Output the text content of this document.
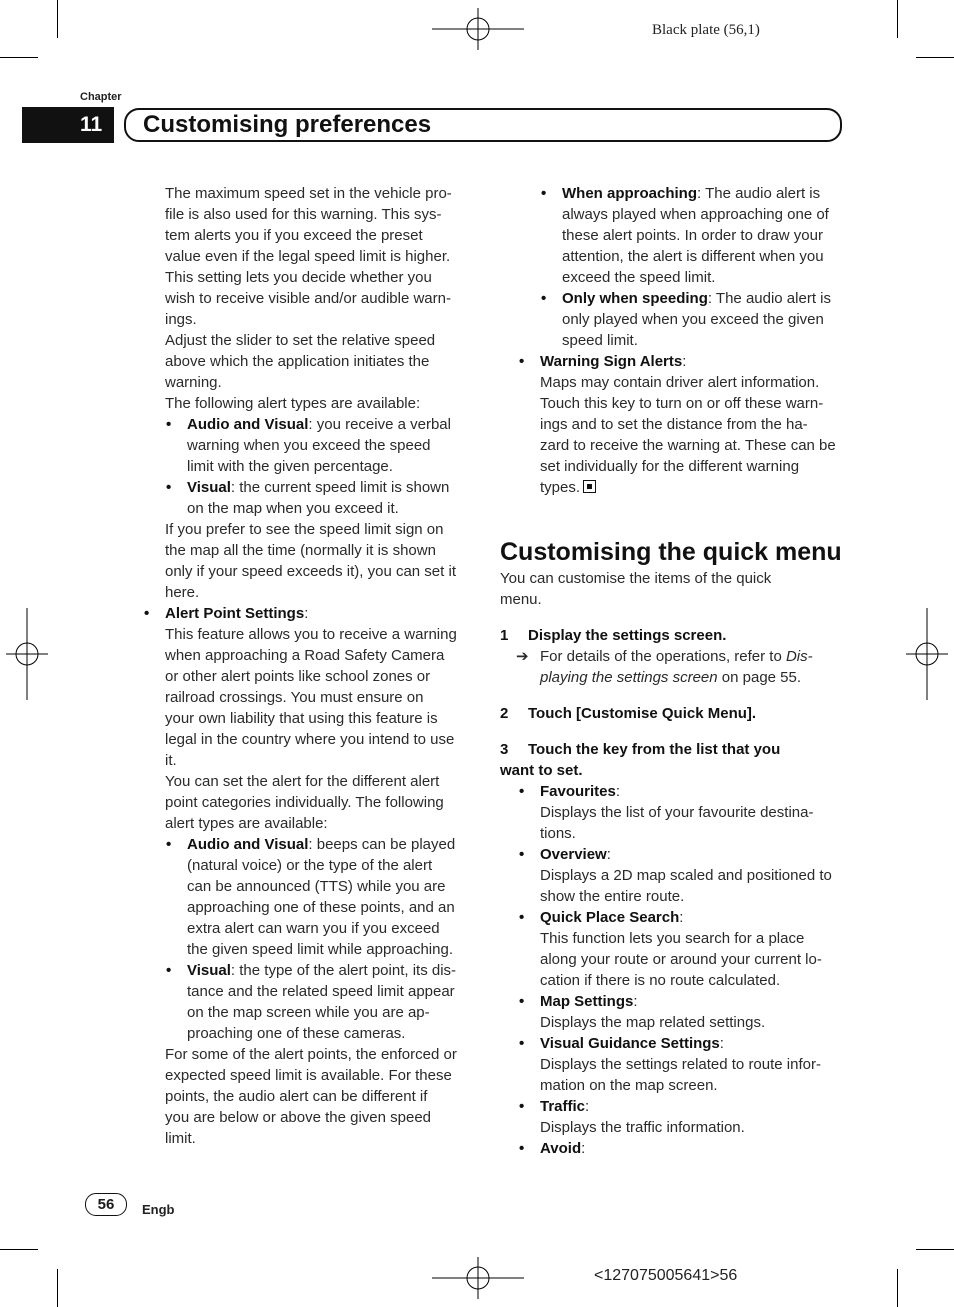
Black plate (56,1)
Chapter
11 Customising preferences

The maximum speed set in the vehicle pro-

file is also used for this warning. This sys-

tem alerts you if you exceed the preset

value even if the legal speed limit is higher.

This setting lets you decide whether you

wish to receive visible and/or audible warn-

ings.

Adjust the slider to set the relative speed

above which the application initiates the

warning.

The following alert types are available:

• Audio and Visual: you receive a verbal

warning when you exceed the speed

limit with the given percentage.

• Visual: the current speed limit is shown

on the map when you exceed it.

If you prefer to see the speed limit sign on

the map all the time (normally it is shown

only if your speed exceeds it), you can set it

here.

• Alert Point Settings:

This feature allows you to receive a warning

when approaching a Road Safety Camera

or other alert points like school zones or

railroad crossings. You must ensure on

your own liability that using this feature is

legal in the country where you intend to use

it.

You can set the alert for the different alert

point categories individually. The following

alert types are available:

• Audio and Visual: beeps can be played

(natural voice) or the type of the alert

can be announced (TTS) while you are

approaching one of these points, and an

extra alert can warn you if you exceed

the given speed limit while approaching.

• Visual: the type of the alert point, its dis-

tance and the related speed limit appear

on the map screen while you are ap-

proaching one of these cameras.

For some of the alert points, the enforced or

expected speed limit is available. For these

points, the audio alert can be different if

you are below or above the given speed

limit.

• When approaching: The audio alert is

always played when approaching one of

these alert points. In order to draw your

attention, the alert is different when you

exceed the speed limit.

• Only when speeding: The audio alert is

only played when you exceed the given

speed limit.

• Warning Sign Alerts:

Maps may contain driver alert information.

Touch this key to turn on or off these warn-

ings and to set the distance from the ha-

zard to receive the warning at. These can be

set individually for the different warning

types.

Customising the quick menu

You can customise the items of the quick

menu.

1 Display the settings screen.

➔ For details of the operations, refer to Dis-

playing the settings screen on page 55.

2 Touch [Customise Quick Menu].

3 Touch the key from the list that you

want to set.

• Favourites:

Displays the list of your favourite destina-

tions.

• Overview:

Displays a 2D map scaled and positioned to

show the entire route.

• Quick Place Search:

This function lets you search for a place

along your route or around your current lo-

cation if there is no route calculated.

• Map Settings:

Displays the map related settings.

• Visual Guidance Settings:

Displays the settings related to route infor-

mation on the map screen.

• Traffic:

Displays the traffic information.

• Avoid:

56	Engb
<127075005641>56
